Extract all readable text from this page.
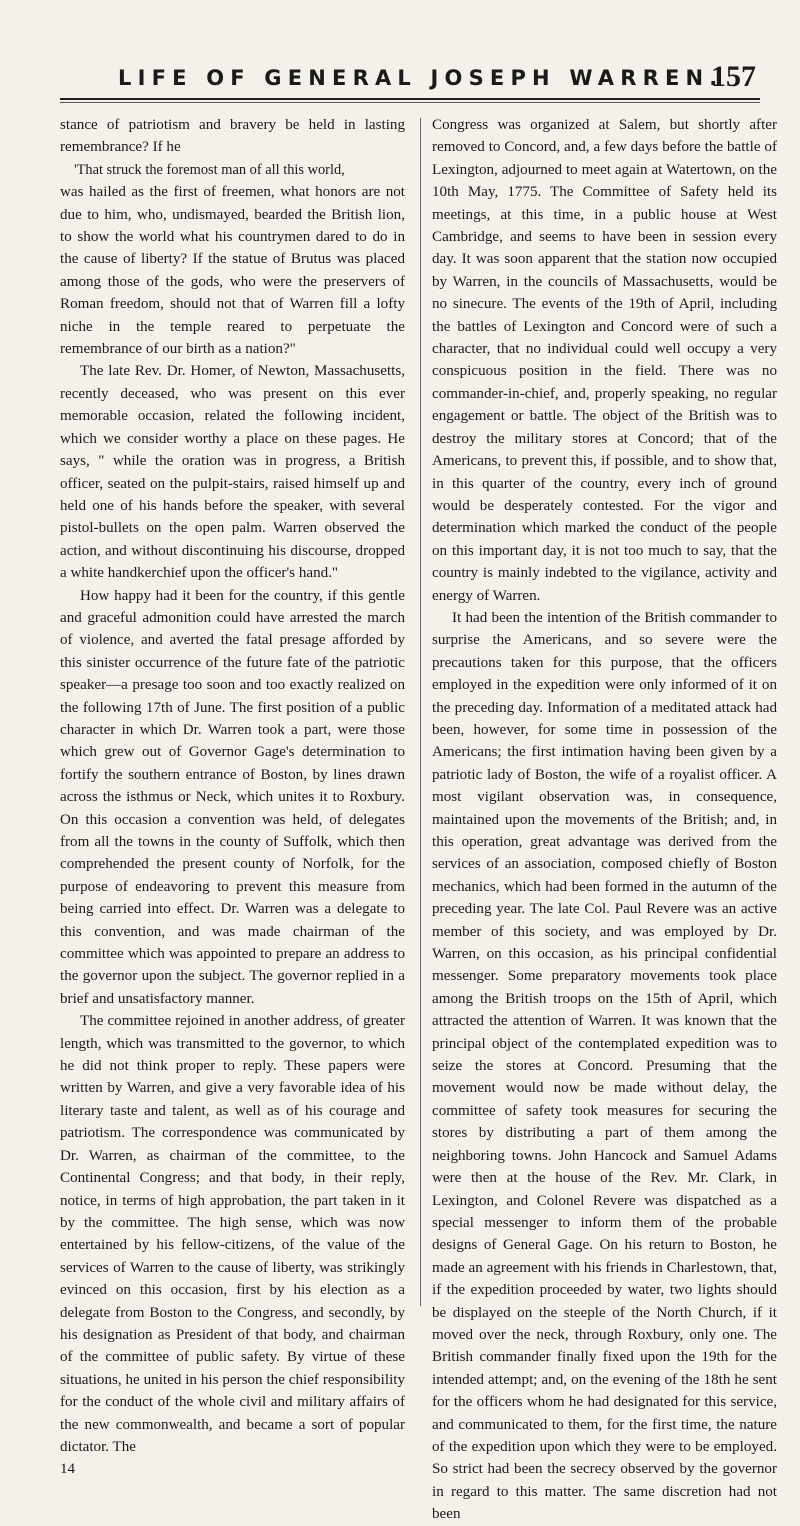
LIFE OF GENERAL JOSEPH WARREN.
157

stance of patriotism and bravery be held in lasting remembrance? If he

'That struck the foremost man of all this world,

was hailed as the first of freemen, what honors are not due to him, who, undismayed, bearded the British lion, to show the world what his countrymen dared to do in the cause of liberty? If the statue of Brutus was placed among those of the gods, who were the preservers of Roman freedom, should not that of Warren fill a lofty niche in the temple reared to perpetuate the remembrance of our birth as a nation?"

The late Rev. Dr. Homer, of Newton, Massachusetts, recently deceased, who was present on this ever memorable occasion, related the following incident, which we consider worthy a place on these pages. He says, " while the oration was in progress, a British officer, seated on the pulpit-stairs, raised himself up and held one of his hands before the speaker, with several pistol-bullets on the open palm. Warren observed the action, and without discontinuing his discourse, dropped a white handkerchief upon the officer's hand."

How happy had it been for the country, if this gentle and graceful admonition could have arrested the march of violence, and averted the fatal presage afforded by this sinister occurrence of the future fate of the patriotic speaker—a presage too soon and too exactly realized on the following 17th of June. The first position of a public character in which Dr. Warren took a part, were those which grew out of Governor Gage's determination to fortify the southern entrance of Boston, by lines drawn across the isthmus or Neck, which unites it to Roxbury. On this occasion a convention was held, of delegates from all the towns in the county of Suffolk, which then comprehended the present county of Norfolk, for the purpose of endeavoring to prevent this measure from being carried into effect. Dr. Warren was a delegate to this convention, and was made chairman of the committee which was appointed to prepare an address to the governor upon the subject. The governor replied in a brief and unsatisfactory manner.

The committee rejoined in another address, of greater length, which was transmitted to the governor, to which he did not think proper to reply. These papers were written by Warren, and give a very favorable idea of his literary taste and talent, as well as of his courage and patriotism. The correspondence was communicated by Dr. Warren, as chairman of the committee, to the Continental Congress; and that body, in their reply, notice, in terms of high approbation, the part taken in it by the committee. The high sense, which was now entertained by his fellow-citizens, of the value of the services of Warren to the cause of liberty, was strikingly evinced on this occasion, first by his election as a delegate from Boston to the Congress, and secondly, by his designation as President of that body, and chairman of the committee of public safety. By virtue of these situations, he united in his person the chief responsibility for the conduct of the whole civil and military affairs of the new commonwealth, and became a sort of popular dictator. The

14

Congress was organized at Salem, but shortly after removed to Concord, and, a few days before the battle of Lexington, adjourned to meet again at Watertown, on the 10th May, 1775. The Committee of Safety held its meetings, at this time, in a public house at West Cambridge, and seems to have been in session every day. It was soon apparent that the station now occupied by Warren, in the councils of Massachusetts, would be no sinecure. The events of the 19th of April, including the battles of Lexington and Concord were of such a character, that no individual could well occupy a very conspicuous position in the field. There was no commander-in-chief, and, properly speaking, no regular engagement or battle. The object of the British was to destroy the military stores at Concord; that of the Americans, to prevent this, if possible, and to show that, in this quarter of the country, every inch of ground would be desperately contested. For the vigor and determination which marked the conduct of the people on this important day, it is not too much to say, that the country is mainly indebted to the vigilance, activity and energy of Warren.

It had been the intention of the British commander to surprise the Americans, and so severe were the precautions taken for this purpose, that the officers employed in the expedition were only informed of it on the preceding day. Information of a meditated attack had been, however, for some time in possession of the Americans; the first intimation having been given by a patriotic lady of Boston, the wife of a royalist officer. A most vigilant observation was, in consequence, maintained upon the movements of the British; and, in this operation, great advantage was derived from the services of an association, composed chiefly of Boston mechanics, which had been formed in the autumn of the preceding year. The late Col. Paul Revere was an active member of this society, and was employed by Dr. Warren, on this occasion, as his principal confidential messenger. Some preparatory movements took place among the British troops on the 15th of April, which attracted the attention of Warren. It was known that the principal object of the contemplated expedition was to seize the stores at Concord. Presuming that the movement would now be made without delay, the committee of safety took measures for securing the stores by distributing a part of them among the neighboring towns. John Hancock and Samuel Adams were then at the house of the Rev. Mr. Clark, in Lexington, and Colonel Revere was dispatched as a special messenger to inform them of the probable designs of General Gage. On his return to Boston, he made an agreement with his friends in Charlestown, that, if the expedition proceeded by water, two lights should be displayed on the steeple of the North Church, if it moved over the neck, through Roxbury, only one. The British commander finally fixed upon the 19th for the intended attempt; and, on the evening of the 18th he sent for the officers whom he had designated for this service, and communicated to them, for the first time, the nature of the expedition upon which they were to be employed. So strict had been the secrecy observed by the governor in regard to this matter. The same discretion had not been
